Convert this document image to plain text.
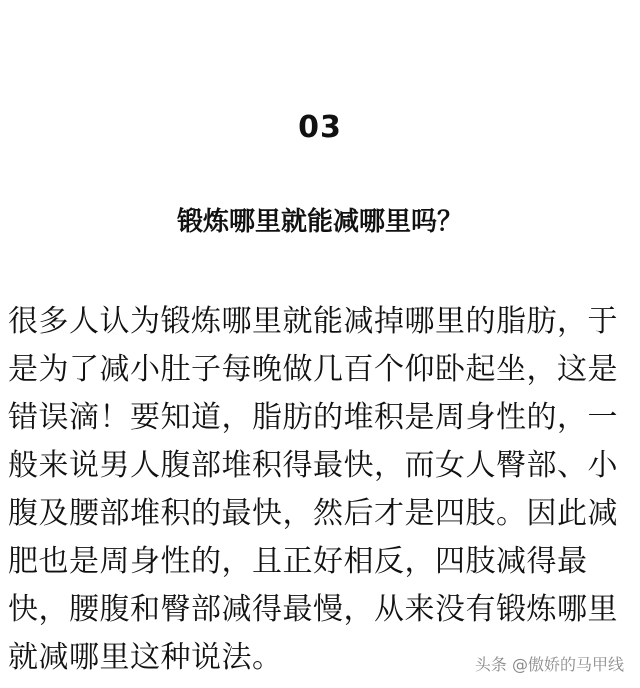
03
锻炼哪里就能减哪里吗？
很多人认为锻炼哪里就能减掉哪里的脂肪，于
是为了减小肚子每晚做几百个仰卧起坐，这是
错误滴！要知道，脂肪的堆积是周身性的，一
般来说男人腹部堆积得最快，而女人臀部、小
腹及腰部堆积的最快，然后才是四肢。因此减
肥也是周身性的，且正好相反，四肢减得最
快，腰腹和臀部减得最慢，从来没有锻炼哪里
就减哪里这种说法。	头条 @傲娇的马甲线
